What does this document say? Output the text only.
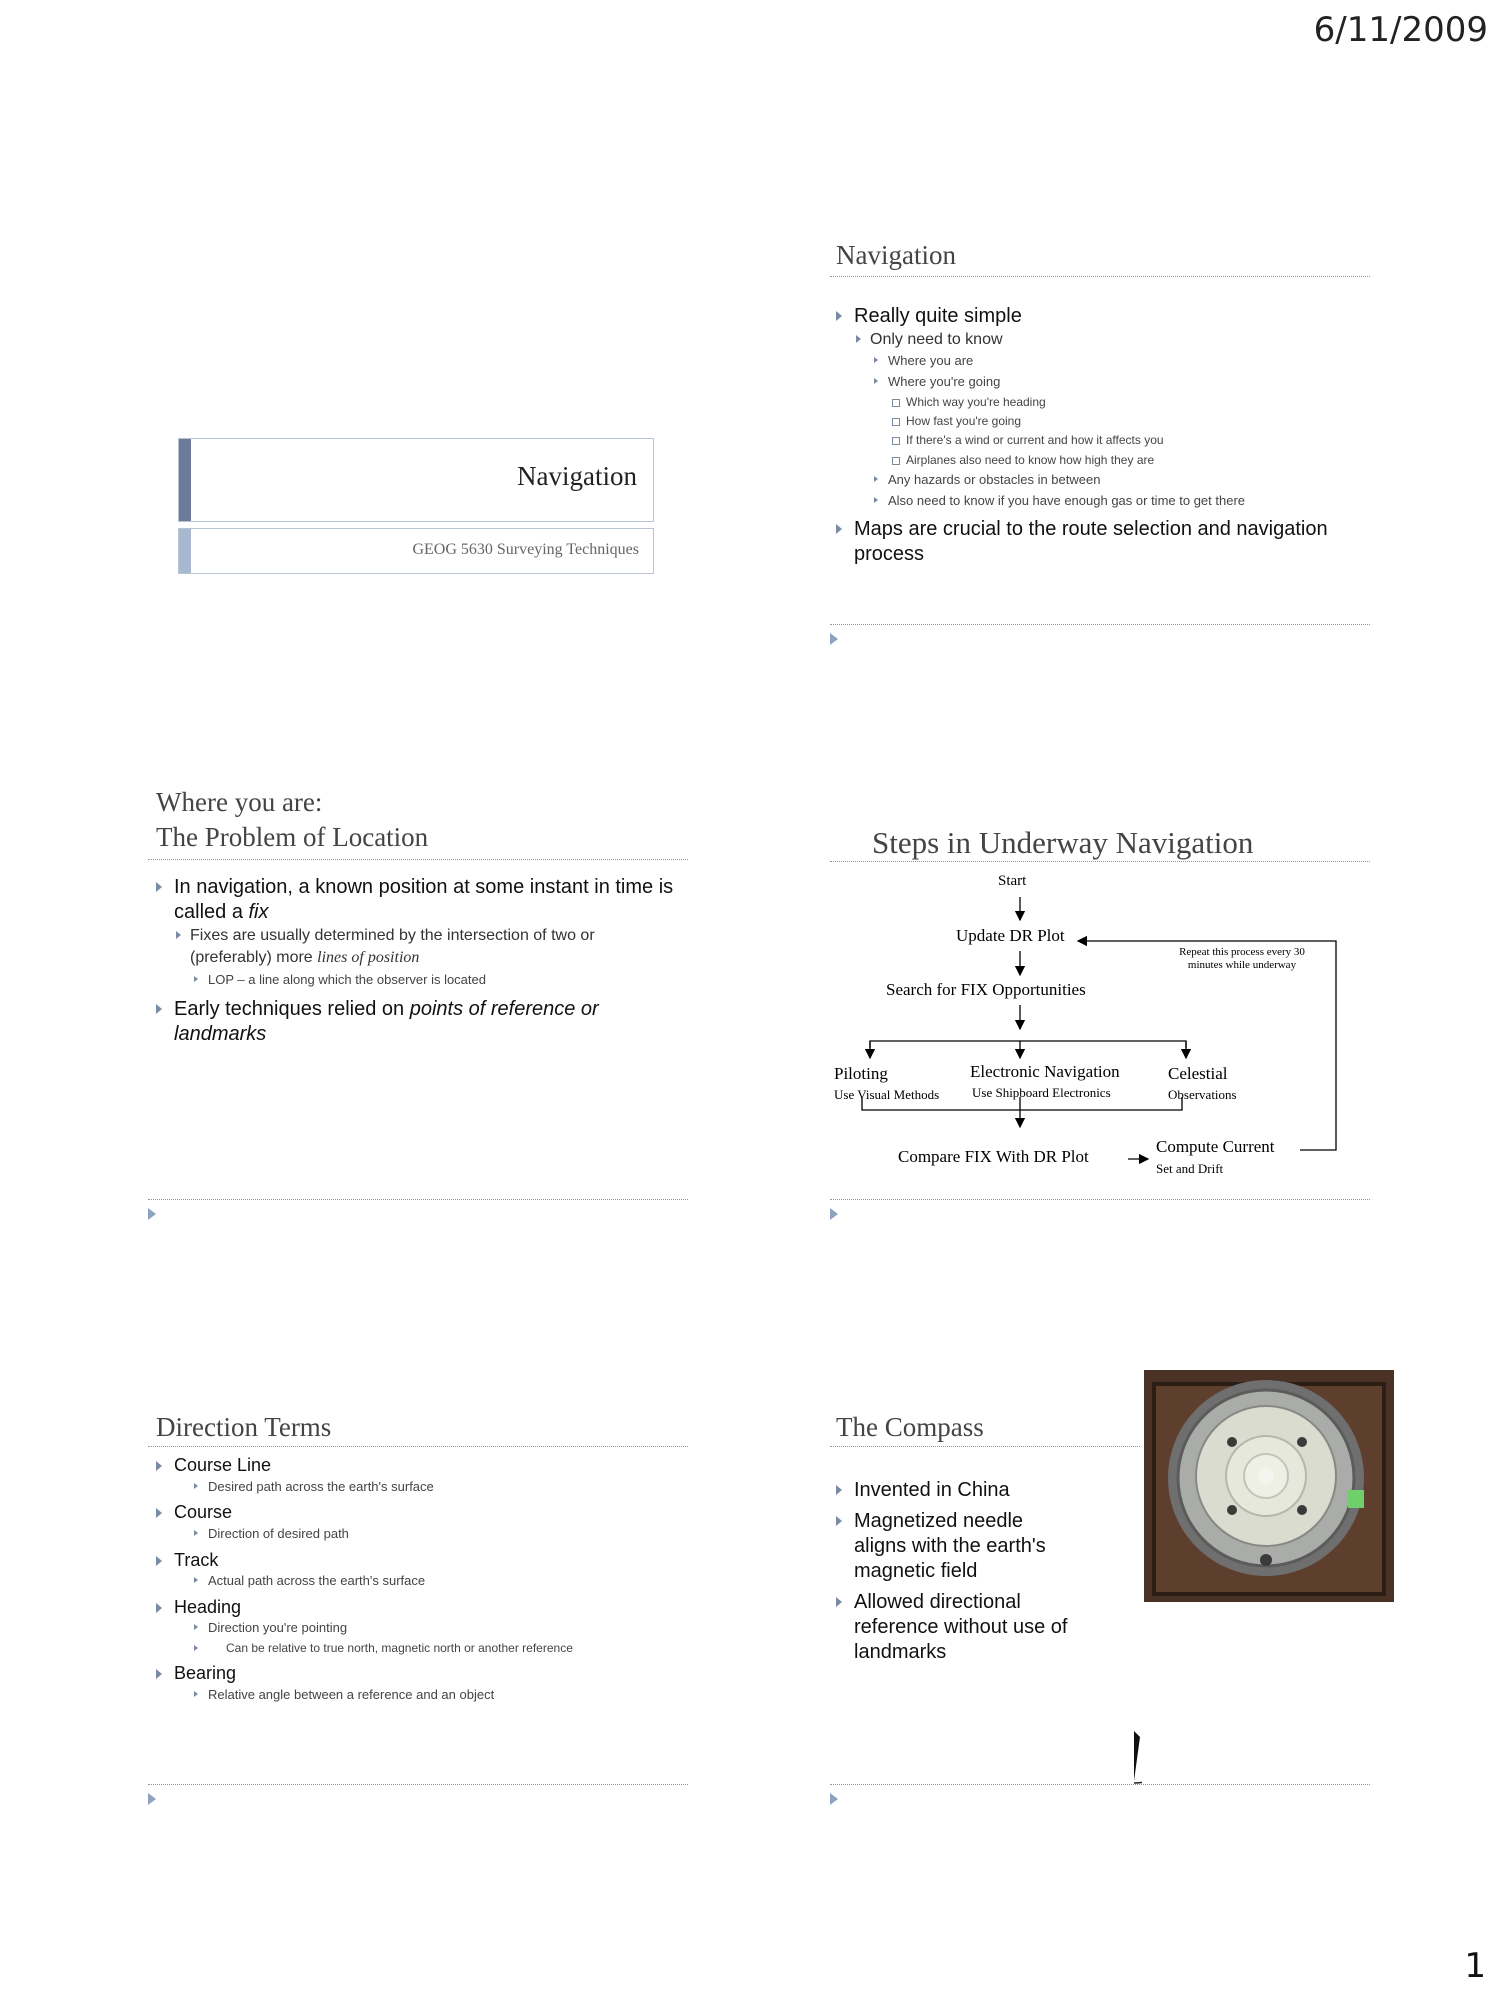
6/11/2009
Navigation
GEOG 5630 Surveying Techniques
Navigation
Really quite simple
Only need to know
Where you are
Where you're going
Which way you're heading
How fast you're going
If there's a wind or current and how it affects you
Airplanes also need to know how high they are
Any hazards or obstacles in between
Also need to know if you have enough gas or time to get there
Maps are crucial to the route selection and navigation process
Where you are:
The Problem of Location
In navigation, a known position at some instant in time is called a fix
Fixes are usually determined by the intersection of two or (preferably) more lines of position
LOP – a line along which the observer is located
Early techniques relied on points of reference or landmarks
Steps in Underway Navigation
Start
Update DR Plot
Repeat this process every 30 minutes while underway
Search for FIX Opportunities
Piloting
Use Visual Methods
Electronic Navigation
Use Shipboard Electronics
Celestial
Observations
Compare FIX With DR Plot
Compute Current
Set and Drift
Direction Terms
Course Line
Desired path across the earth's surface
Course
Direction of desired path
Track
Actual path across the earth's surface
Heading
Direction you're pointing
Can be relative to true north, magnetic north or another reference
Bearing
Relative angle between a reference and an object
The Compass
Invented in China
Magnetized needle aligns with the earth's magnetic field
Allowed directional reference without use of landmarks
1
